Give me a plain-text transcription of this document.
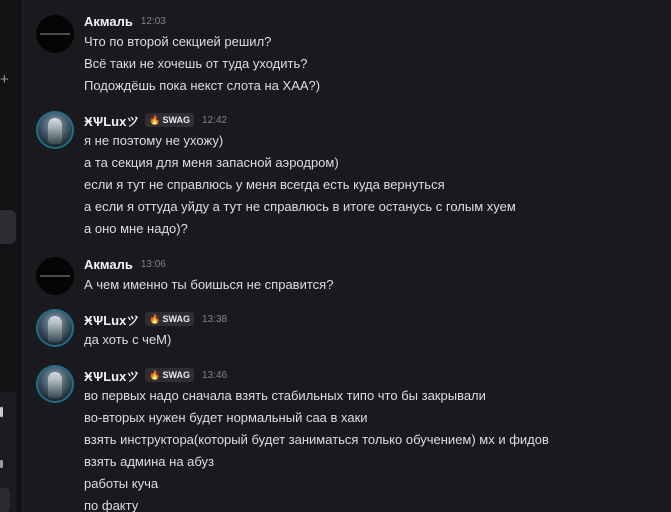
+
Акмаль 12:03
Что по второй секцией решил?
Всё таки не хочешь от туда уходить?
Подождёшь пока некст слота на ХАА?)
ӾѰLuxツ 🔥 SWAG 12:42
я не поэтому не ухожу)
а та секция для меня запасной аэродром)
если я тут не справлюсь у меня всегда есть куда вернуться
а если я оттуда уйду а тут не справлюсь в итоге останусь с голым хуем
а оно мне надо)?
Акмаль 13:06
А чем именно ты боишься не справится?
ӾѰLuxツ 🔥 SWAG 13:38
да хоть с чеМ)
ӾѰLuxツ 🔥 SWAG 13:46
во первых надо сначала взять стабильных типо что бы закрывали
во-вторых нужен будет нормальный саа в хаки
взять инструктора(который будет заниматься только обучением) мх и фидов
взять админа на абуз
работы куча
по факту
